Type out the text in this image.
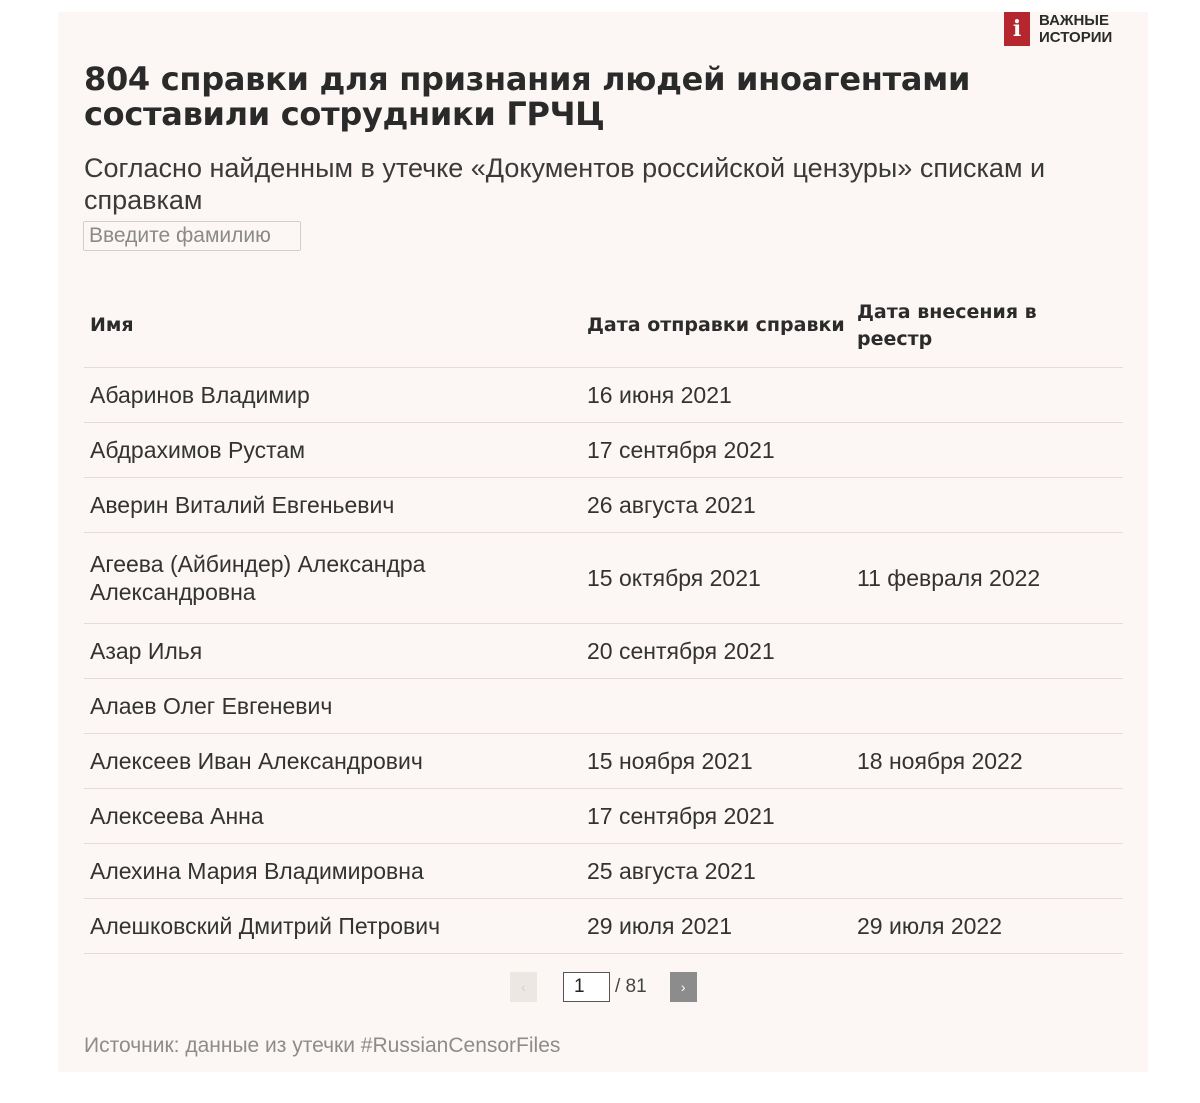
i	ВАЖНЫЕ ИСТОРИИ
804 справки для признания людей иноагентами составили сотрудники ГРЧЦ

Согласно найденным в утечке «Документов российской цензуры» спискам и справкам

Введите фамилию
Имя	Дата отправки справки	Дата внесения в реестр
Абаринов Владимир	16 июня 2021	
Абдрахимов Рустам	17 сентября 2021	
Аверин Виталий Евгеньевич	26 августа 2021	
Агеева (Айбиндер) Александра Александровна	15 октября 2021	11 февраля 2022
Азар Илья	20 сентября 2021	
Алаев Олег Евгеневич		
Алексеев Иван Александрович	15 ноября 2021	18 ноября 2022
Алексеева Анна	17 сентября 2021	
Алехина Мария Владимировна	25 августа 2021	
Алешковский Дмитрий Петрович	29 июля 2021	29 июля 2022
‹
1	/ 81	›
Источник: данные из утечки #RussianCensorFiles
